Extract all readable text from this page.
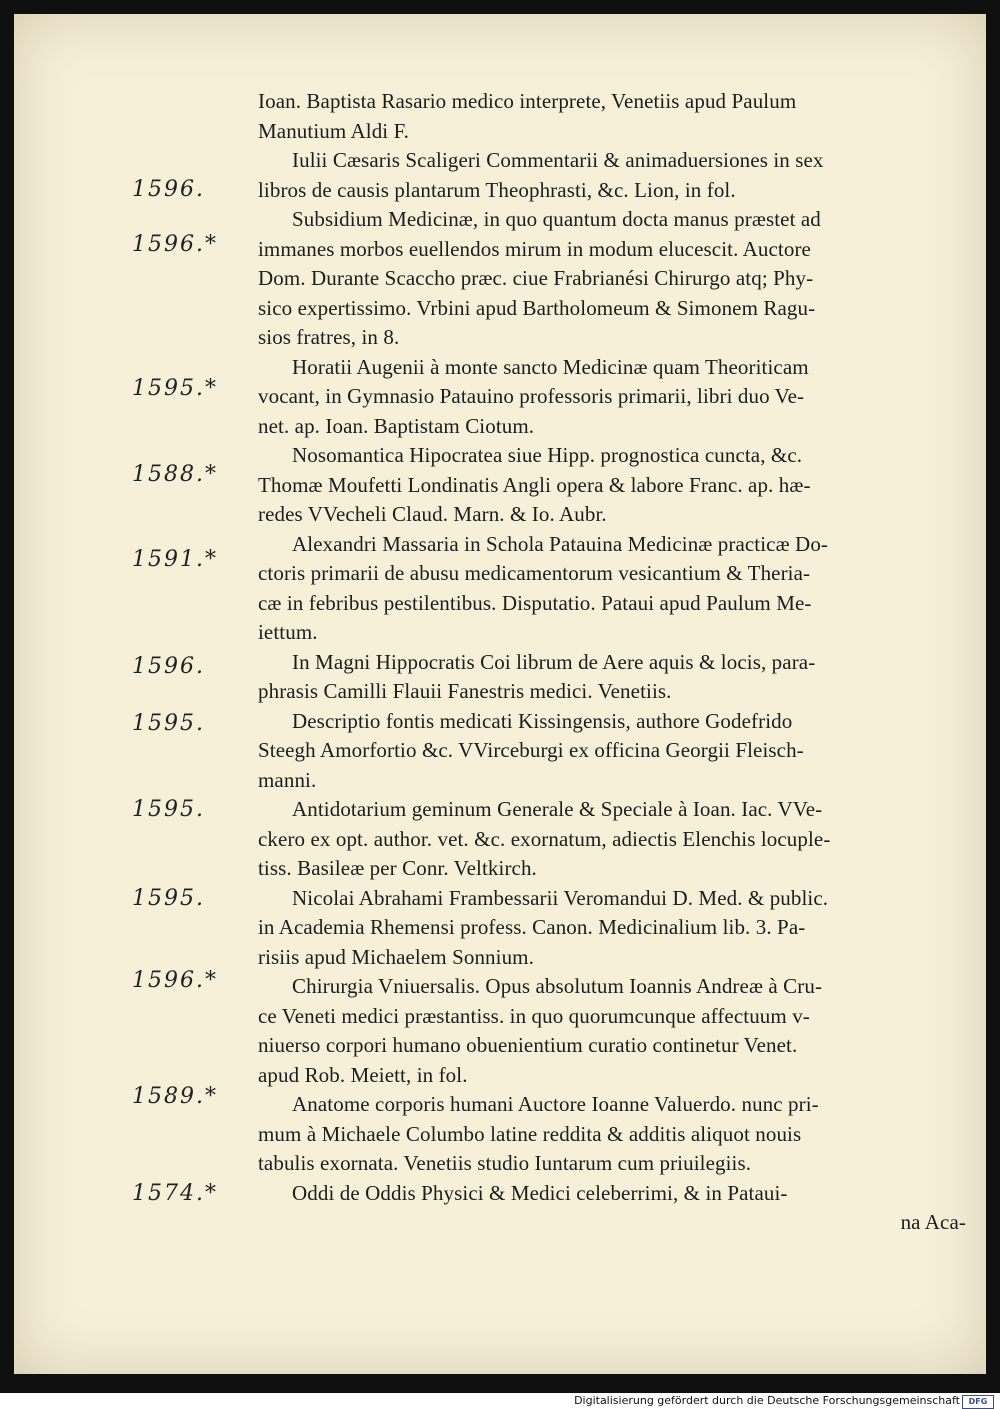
1596.
1596.*
1595.*
1588.*
1591.*
1596.
1595.
1595.
1595.
1596.*
1589.*
1574.*
Ioan. Baptista Rasario medico interprete, Venetiis apud Paulum
Manutium Aldi F.
Iulii Cæsaris Scaligeri Commentarii & animaduersiones in sex
libros de causis plantarum Theophrasti, &c. Lion, in fol.
Subsidium Medicinæ, in quo quantum docta manus præstet ad
immanes morbos euellendos mirum in modum elucescit. Auctore
Dom. Durante Scaccho præc. ciue Frabrianési Chirurgo atq; Phy-
sico expertissimo. Vrbini apud Bartholomeum & Simonem Ragu-
sios fratres, in 8.
Horatii Augenii à monte sancto Medicinæ quam Theoriticam
vocant, in Gymnasio Patauino professoris primarii, libri duo Ve-
net. ap. Ioan. Baptistam Ciotum.
Nosomantica Hipocratea siue Hipp. prognostica cuncta, &c.
Thomæ Moufetti Londinatis Angli opera & labore Franc. ap. hæ-
redes VVecheli Claud. Marn. & Io. Aubr.
Alexandri Massaria in Schola Patauina Medicinæ practicæ Do-
ctoris primarii de abusu medicamentorum vesicantium & Theria-
cæ in febribus pestilentibus. Disputatio. Pataui apud Paulum Me-
iettum.
In Magni Hippocratis Coi librum de Aere aquis & locis, para-
phrasis Camilli Flauii Fanestris medici. Venetiis.
Descriptio fontis medicati Kissingensis, authore Godefrido
Steegh Amorfortio &c. VVirceburgi ex officina Georgii Fleisch-
manni.
Antidotarium geminum Generale & Speciale à Ioan. Iac. VVe-
ckero ex opt. author. vet. &c. exornatum, adiectis Elenchis locuple-
tiss. Basileæ per Conr. Veltkirch.
Nicolai Abrahami Frambessarii Veromandui D. Med. & public.
in Academia Rhemensi profess. Canon. Medicinalium lib. 3. Pa-
risiis apud Michaelem Sonnium.
Chirurgia Vniuersalis. Opus absolutum Ioannis Andreæ à Cru-
ce Veneti medici præstantiss. in quo quorumcunque affectuum v-
niuerso corpori humano obuenientium curatio continetur Venet.
apud Rob. Meiett, in fol.
Anatome corporis humani Auctore Ioanne Valuerdo. nunc pri-
mum à Michaele Columbo latine reddita & additis aliquot nouis
tabulis exornata. Venetiis studio Iuntarum cum priuilegiis.
Oddi de Oddis Physici & Medici celeberrimi, & in Pataui-
na Aca-
Digitalisierung gefördert durch die Deutsche Forschungsgemeinschaft	DFG
